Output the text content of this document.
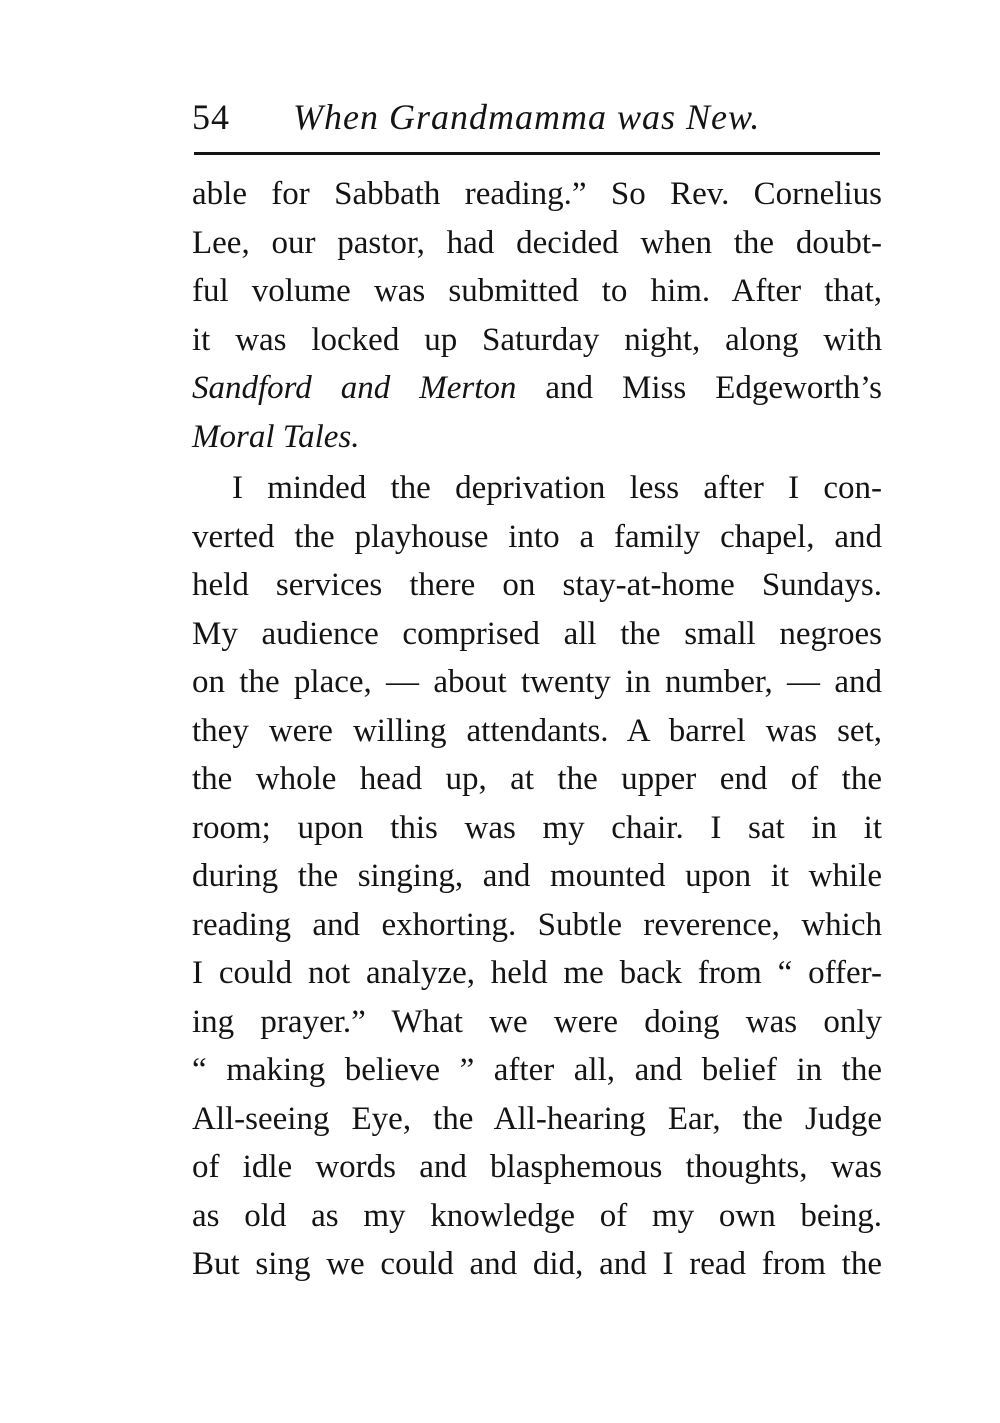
54 When Grandmamma was New.
able for Sabbath reading.” So Rev. Cornelius
Lee, our pastor, had decided when the doubt-
ful volume was submitted to him. After that,
it was locked up Saturday night, along with
Sandford and Merton and Miss Edgeworth’s
Moral Tales.
I minded the deprivation less after I con-
verted the playhouse into a family chapel, and
held services there on stay-at-home Sundays.
My audience comprised all the small negroes
on the place, — about twenty in number, — and
they were willing attendants. A barrel was set,
the whole head up, at the upper end of the
room; upon this was my chair. I sat in it
during the singing, and mounted upon it while
reading and exhorting. Subtle reverence, which
I could not analyze, held me back from “ offer-
ing prayer.” What we were doing was only
“ making believe ” after all, and belief in the
All-seeing Eye, the All-hearing Ear, the Judge
of idle words and blasphemous thoughts, was
as old as my knowledge of my own being.
But sing we could and did, and I read from the
